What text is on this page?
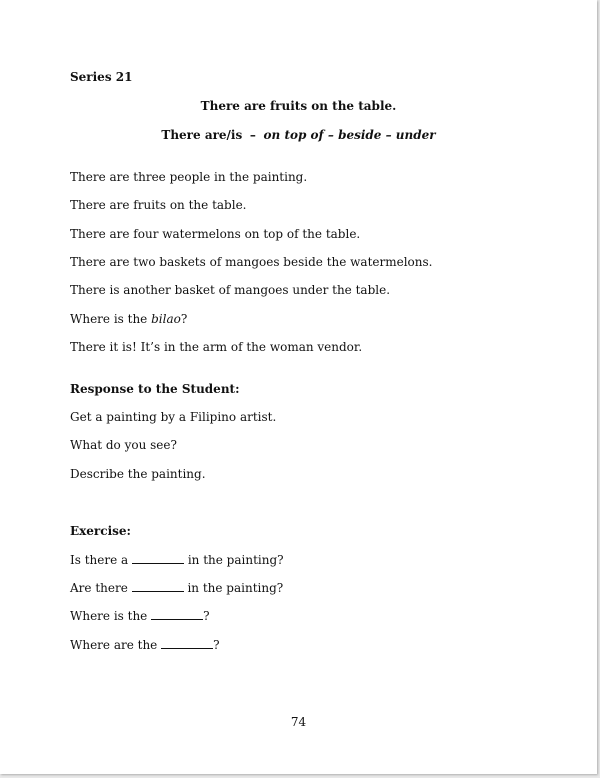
Series 21
There are fruits on the table.
There are/is – on top of – beside – under
There are three people in the painting.
There are fruits on the table.
There are four watermelons on top of the table.
There are two baskets of mangoes beside the watermelons.
There is another basket of mangoes under the table.
Where is the bilao?
There it is! It’s in the arm of the woman vendor.
Response to the Student:
Get a painting by a Filipino artist.
What do you see?
Describe the painting.
Exercise:
Is there a	in the painting?
Are there	in the painting?
Where is the	?
Where are the	?
74
